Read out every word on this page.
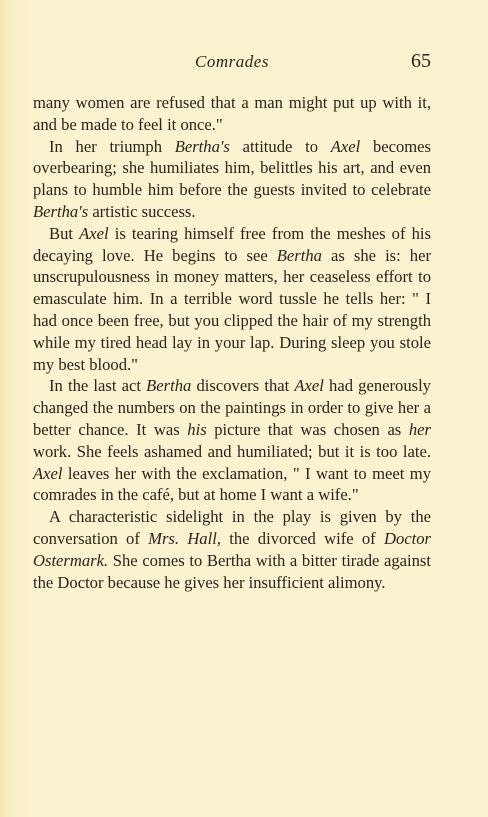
Comrades	65

many women are refused that a man might put up with it, and be made to feel it once."

In her triumph Bertha's attitude to Axel becomes overbearing; she humiliates him, belittles his art, and even plans to humble him before the guests invited to celebrate Bertha's artistic success.

But Axel is tearing himself free from the meshes of his decaying love. He begins to see Bertha as she is: her unscrupulousness in money matters, her ceaseless effort to emasculate him. In a terrible word tussle he tells her: " I had once been free, but you clipped the hair of my strength while my tired head lay in your lap. During sleep you stole my best blood."

In the last act Bertha discovers that Axel had generously changed the numbers on the paintings in order to give her a better chance. It was his picture that was chosen as her work. She feels ashamed and humiliated; but it is too late. Axel leaves her with the exclamation, " I want to meet my comrades in the café, but at home I want a wife."

A characteristic sidelight in the play is given by the conversation of Mrs. Hall, the divorced wife of Doctor Ostermark. She comes to Bertha with a bitter tirade against the Doctor because he gives her insufficient alimony.
